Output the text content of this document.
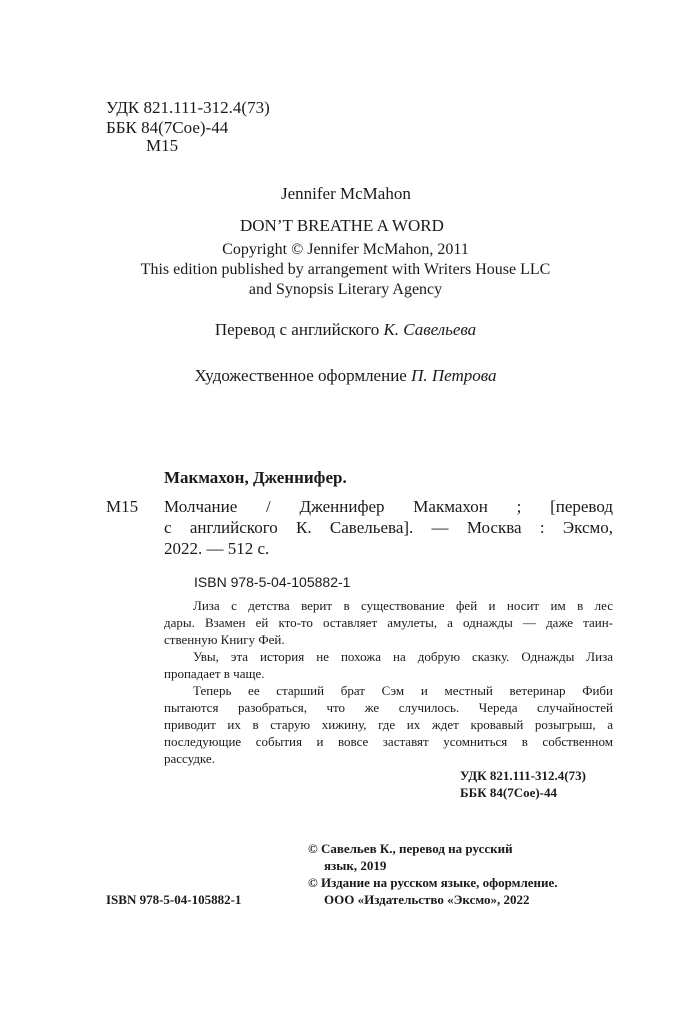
УДК 821.111-312.4(73)
ББК 84(7Сое)-44
М15
Jennifer McMahon
DON’T BREATHE A WORD
Copyright © Jennifer McMahon, 2011
This edition published by arrangement with Writers House LLC
and Synopsis Literary Agency
Перевод с английского К. Савельева
Художественное оформление П. Петрова
Макмахон, Дженнифер.
М15 Молчание / Дженнифер Макмахон ; [перевод
с английского К. Савельева]. — Москва : Эксмо,
2022. — 512 с.
ISBN 978-5-04-105882-1
Лиза с детства верит в существование фей и носит им в лес
дары. Взамен ей кто-то оставляет амулеты, а однажды — даже таин-
ственную Книгу Фей.
Увы, эта история не похожа на добрую сказку. Однажды Лиза
пропадает в чаще.
Теперь ее старший брат Сэм и местный ветеринар Фиби
пытаются разобраться, что же случилось. Череда случайностей
приводит их в старую хижину, где их ждет кровавый розыгрыш, а
последующие события и вовсе заставят усомниться в собственном
рассудке.
УДК 821.111-312.4(73)
ББК 84(7Сое)-44
© Савельев К., перевод на русский
язык, 2019
© Издание на русском языке, оформление.
ООО «Издательство «Эксмо», 2022
ISBN 978-5-04-105882-1
